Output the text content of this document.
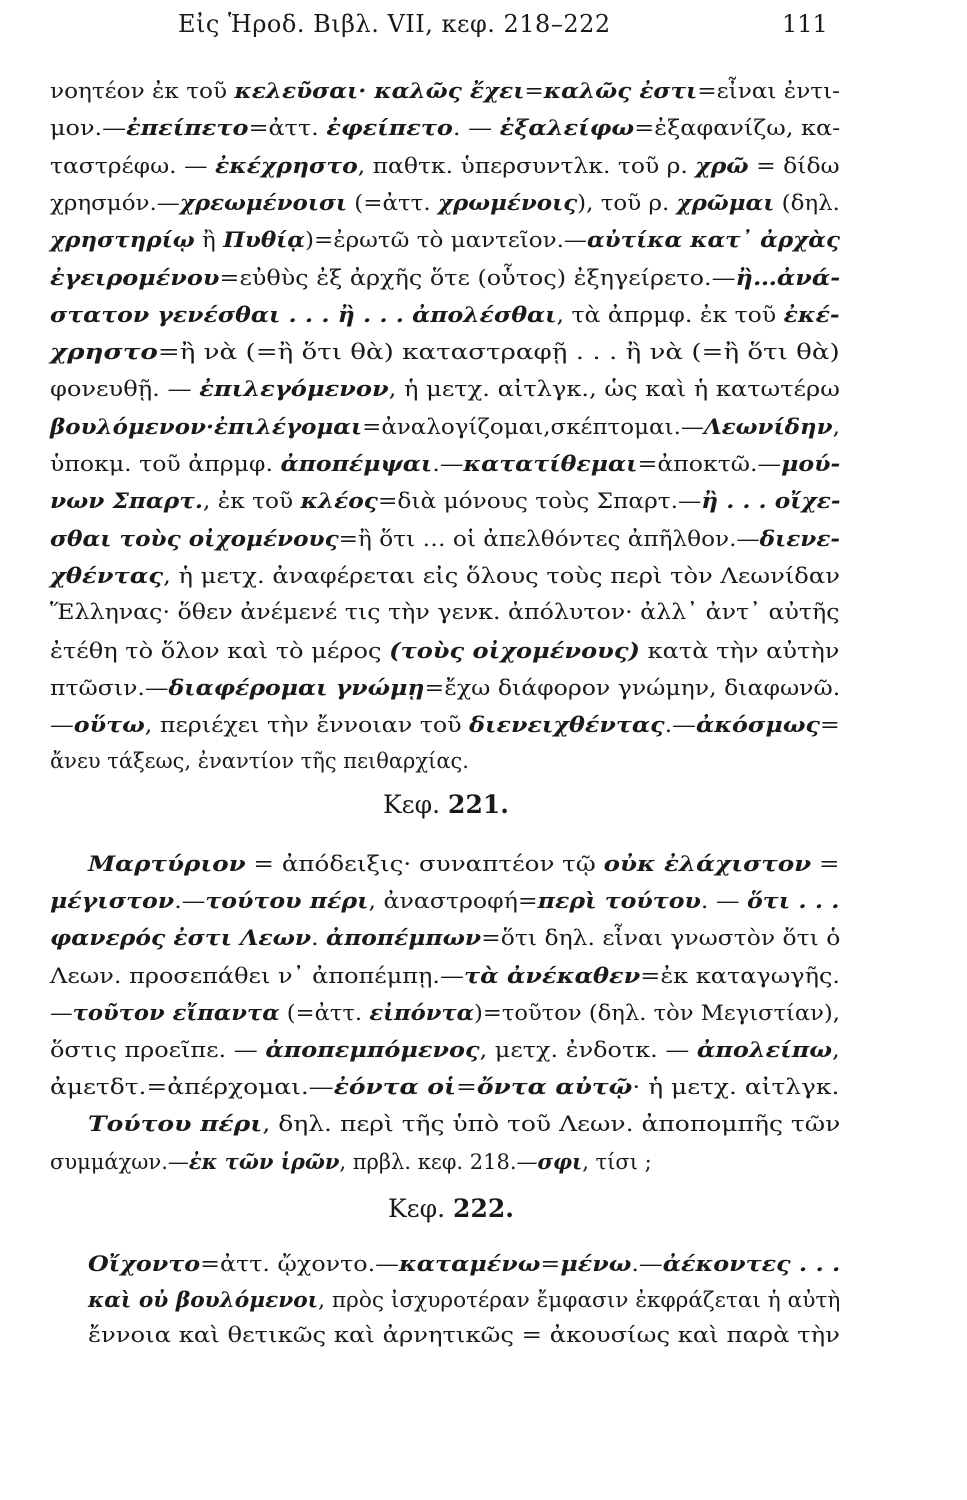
Εἰς Ἡροδ. Βιβλ. VII, κεφ. 218–222	111
νοητέον ἐκ τοῦ κελεῦσαι· καλῶς ἔχει=καλῶς ἐστι=εἶναι ἐντι-
μον.—ἐπείπετο=ἀττ. ἐφείπετο. — ἐξαλείφω=ἐξαφανίζω, κα-
ταστρέφω. — ἐκέχρηστο, παθτκ. ὑπερσυντλκ. τοῦ ρ. χρῶ = δίδω
χρησμόν.—χρεωμένοισι (=ἀττ. χρωμένοις), τοῦ ρ. χρῶμαι (δηλ.
χρηστηρίῳ ἢ Πυθίᾳ)=ἐρωτῶ τὸ μαντεῖον.—αὐτίκα κατ᾽ ἀρχὰς
ἐγειρομένου=εὐθὺς ἐξ ἀρχῆς ὅτε (οὗτος) ἐξηγείρετο.—ἢ…ἀνά-
στατον γενέσθαι . . . ἢ . . . ἀπολέσθαι, τὰ ἀπρμφ. ἐκ τοῦ ἐκέ-
χρηστο=ἢ νὰ (=ἢ ὅτι θὰ) καταστραφῇ . . . ἢ νὰ (=ἢ ὅτι θὰ)
φονευθῇ. — ἐπιλεγόμενον, ἡ μετχ. αἰτλγκ., ὡς καὶ ἡ κατωτέρω
βουλόμενον·ἐπιλέγομαι=ἀναλογίζομαι,σκέπτομαι.—Λεωνίδην,
ὑποκμ. τοῦ ἀπρμφ. ἀποπέμψαι.—κατατίθεμαι=ἀποκτῶ.—μού-
νων Σπαρτ., ἐκ τοῦ κλέος=διὰ μόνους τοὺς Σπαρτ.—ἢ . . . οἴχε-
σθαι τοὺς οἰχομένους=ἢ ὅτι … οἱ ἀπελθόντες ἀπῆλθον.—διενε-
χθέντας, ἡ μετχ. ἀναφέρεται εἰς ὅλους τοὺς περὶ τὸν Λεωνίδαν
Ἕλληνας· ὅθεν ἀνέμενέ τις τὴν γενκ. ἀπόλυτον· ἀλλ᾽ ἀντ᾽ αὐτῆς
ἐτέθη τὸ ὅλον καὶ τὸ μέρος (τοὺς οἰχομένους) κατὰ τὴν αὐτὴν
πτῶσιν.—διαφέρομαι γνώμῃ=ἔχω διάφορον γνώμην, διαφωνῶ.
—οὕτω, περιέχει τὴν ἔννοιαν τοῦ διενειχθέντας.—ἀκόσμως=
ἄνευ τάξεως, ἐναντίον τῆς πειθαρχίας.
Κεφ. 221.
Μαρτύριον = ἀπόδειξις· συναπτέον τῷ οὐκ ἐλάχιστον =
μέγιστον.—τούτου πέρι, ἀναστροφή=περὶ τούτου. — ὅτι . . .
φανερός ἐστι Λεων. ἀποπέμπων=ὅτι δηλ. εἶναι γνωστὸν ὅτι ὁ
Λεων. προσεπάθει ν᾽ ἀποπέμπῃ.—τὰ ἀνέκαθεν=ἐκ καταγωγῆς.
—τοῦτον εἴπαντα (=ἀττ. εἰπόντα)=τοῦτον (δηλ. τὸν Μεγιστίαν),
ὅστις προεῖπε. — ἀποπεμπόμενος, μετχ. ἐνδοτκ. — ἀπολείπω,
ἀμετδτ.=ἀπέρχομαι.—ἐόντα οἱ=ὄντα αὐτῷ· ἡ μετχ. αἰτλγκ.
Τούτου πέρι, δηλ. περὶ τῆς ὑπὸ τοῦ Λεων. ἀποπομπῆς τῶν
συμμάχων.—ἐκ τῶν ἱρῶν, πρβλ. κεφ. 218.—σφι, τίσι ;
Κεφ. 222.
Οἴχοντο=ἀττ. ᾤχοντο.—καταμένω=μένω.—ἀέκοντες . . .
καὶ οὐ βουλόμενοι, πρὸς ἰσχυροτέραν ἔμφασιν ἐκφράζεται ἡ αὐτὴ
ἔννοια καὶ θετικῶς καὶ ἀρνητικῶς = ἀκουσίως καὶ παρὰ τὴν
